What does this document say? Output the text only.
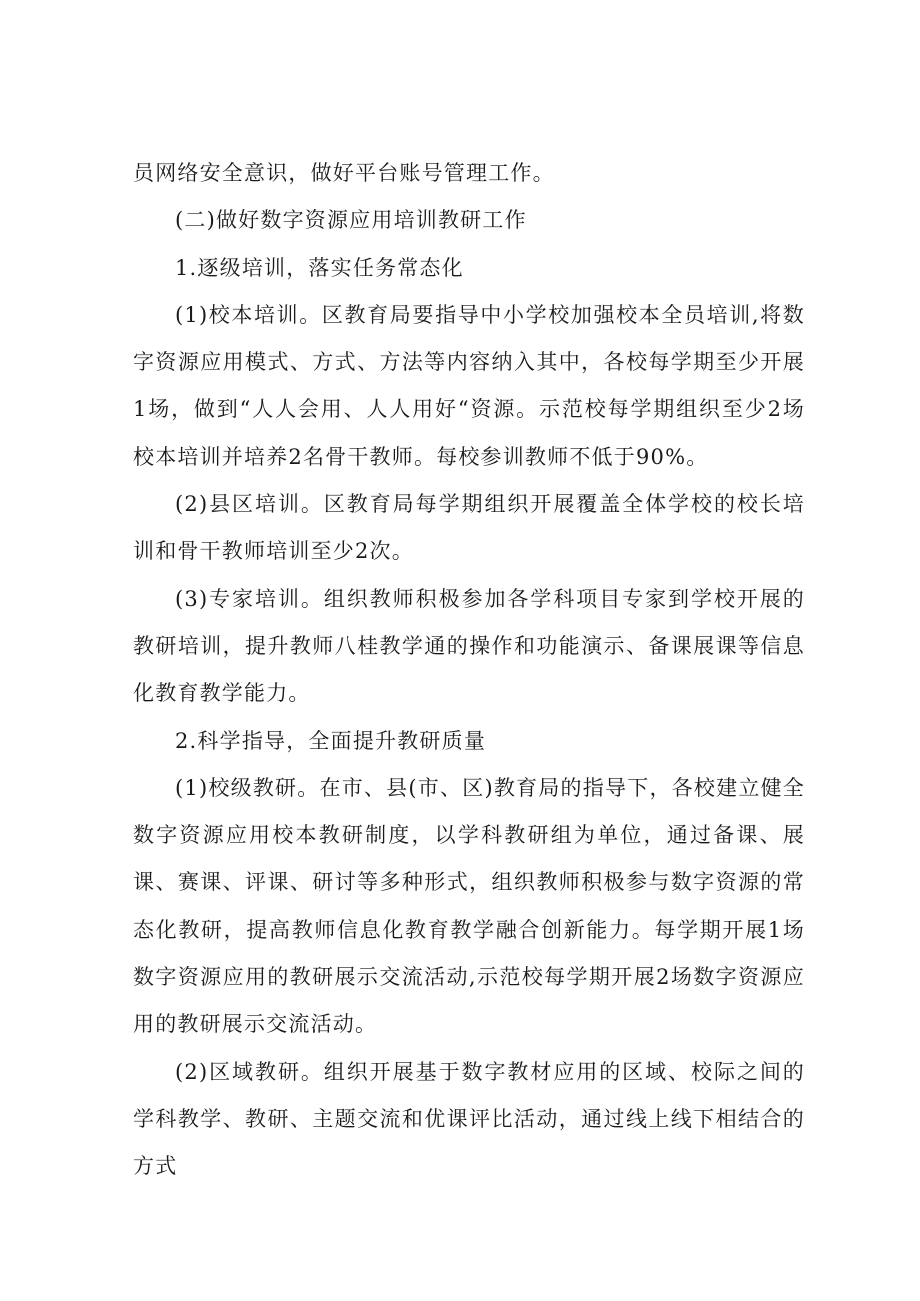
员网络安全意识，做好平台账号管理工作。

(二)做好数字资源应用培训教研工作

1.逐级培训，落实任务常态化

(1)校本培训。区教育局要指导中小学校加强校本全员培训,将数字资源应用模式、方式、方法等内容纳入其中，各校每学期至少开展1场，做到“人人会用、人人用好“资源。示范校每学期组织至少2场校本培训并培养2名骨干教师。每校参训教师不低于90%。

(2)县区培训。区教育局每学期组织开展覆盖全体学校的校长培训和骨干教师培训至少2次。

(3)专家培训。组织教师积极参加各学科项目专家到学校开展的教研培训，提升教师八桂教学通的操作和功能演示、备课展课等信息化教育教学能力。

2.科学指导，全面提升教研质量

(1)校级教研。在市、县(市、区)教育局的指导下，各校建立健全数字资源应用校本教研制度，以学科教研组为单位，通过备课、展课、赛课、评课、研讨等多种形式，组织教师积极参与数字资源的常态化教研，提高教师信息化教育教学融合创新能力。每学期开展1场数字资源应用的教研展示交流活动,示范校每学期开展2场数字资源应用的教研展示交流活动。

(2)区域教研。组织开展基于数字教材应用的区域、校际之间的学科教学、教研、主题交流和优课评比活动，通过线上线下相结合的方式
